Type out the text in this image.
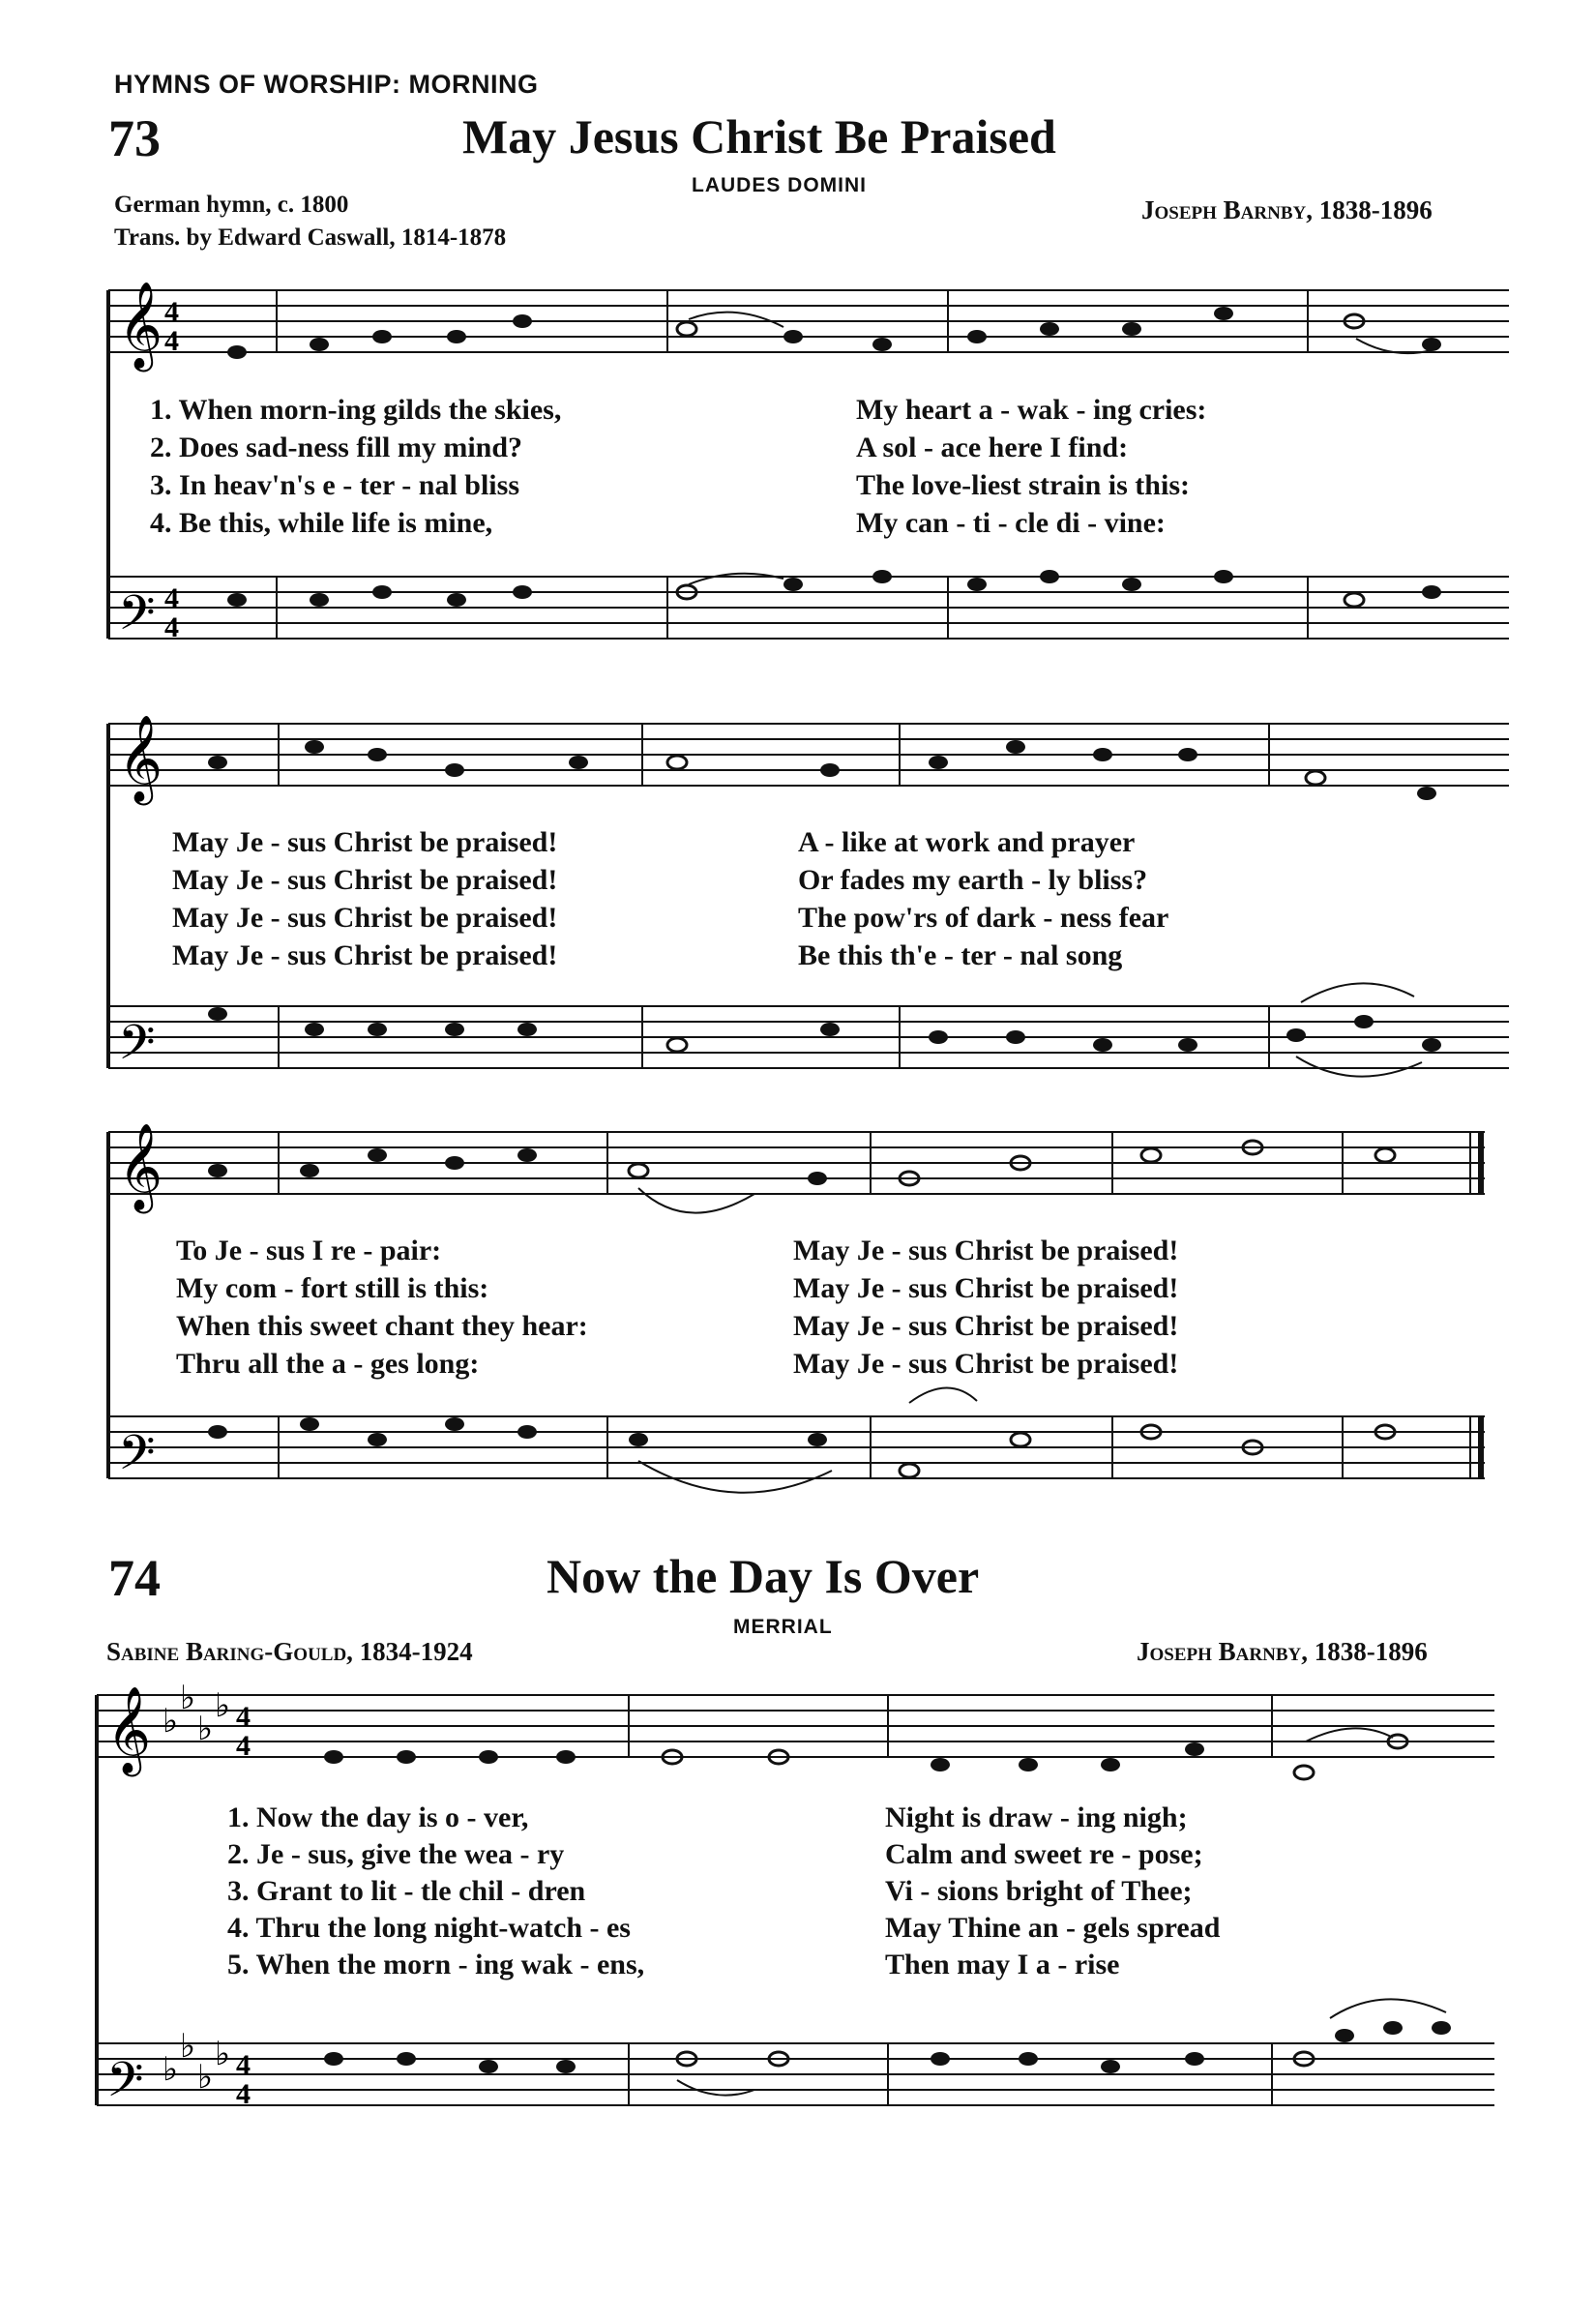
HYMNS OF WORSHIP: MORNING
73	May Jesus Christ Be Praised
LAUDES DOMINI
German hymn, c. 1800
Trans. by Edward Caswall, 1814-1878
Joseph Barnby, 1838-1896
𝄞
𝄢
4
4
4
4
1. When morn-ing gilds the skies,	My heart a - wak - ing cries:
2. Does sad-ness fill my mind?	A sol - ace here I find:
3. In heav'n's e - ter - nal bliss	The love-liest strain is this:
4. Be this, while life is mine,	My can - ti - cle di - vine:
𝄞
𝄢
May Je - sus Christ be praised!	A - like at work and prayer
May Je - sus Christ be praised!	Or fades my earth - ly bliss?
May Je - sus Christ be praised!	The pow'rs of dark - ness fear
May Je - sus Christ be praised!	Be this th'e - ter - nal song
𝄞
𝄢
To Je - sus I re - pair:	May Je - sus Christ be praised!
My com - fort still is this:	May Je - sus Christ be praised!
When this sweet chant they hear:	May Je - sus Christ be praised!
Thru all the a - ges long:	May Je - sus Christ be praised!
74	Now the Day Is Over
MERRIAL
Sabine Baring-Gould, 1834-1924	Joseph Barnby, 1838-1896
𝄞
𝄢
♭
♭
♭
♭
♭
♭
♭
♭
4
4
4
4
1. Now the day is o - ver,	Night is draw - ing nigh;
2. Je - sus, give the wea - ry	Calm and sweet re - pose;
3. Grant to lit - tle chil - dren	Vi - sions bright of Thee;
4. Thru the long night-watch - es	May Thine an - gels spread
5. When the morn - ing wak - ens,	Then may I a - rise
